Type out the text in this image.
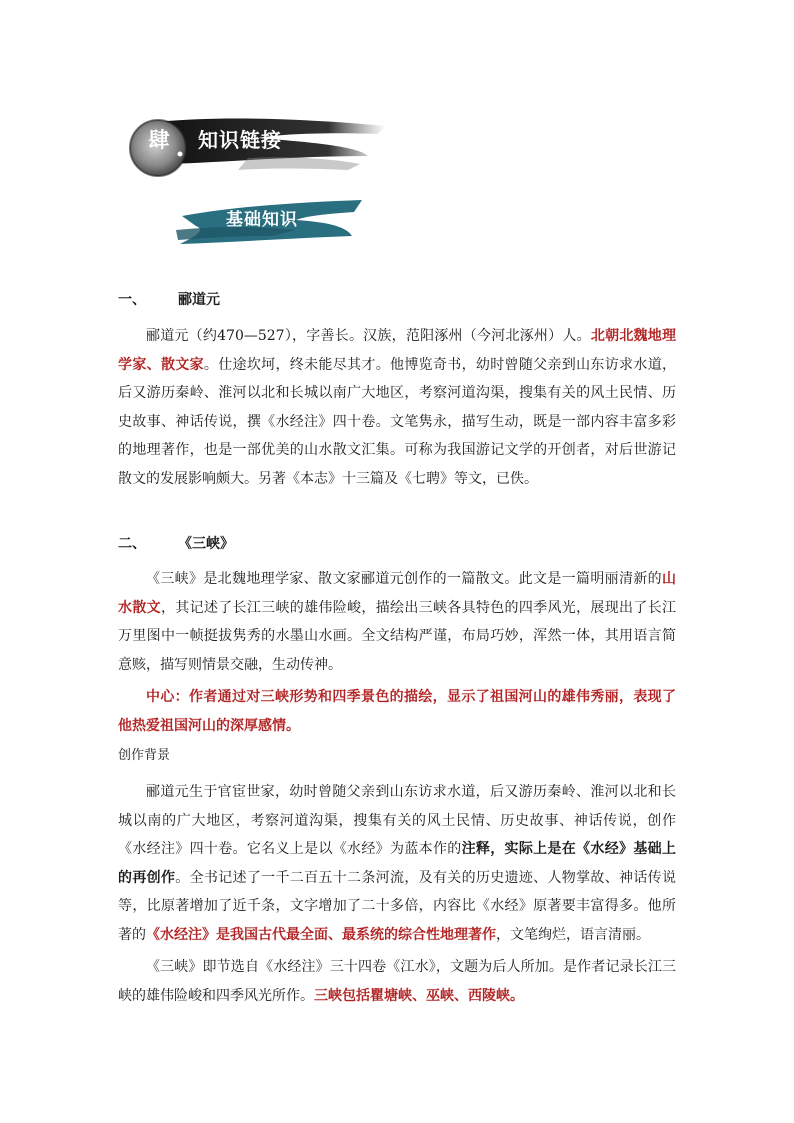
肆 知识链接
基础知识

一、 郦道元

郦道元（约470—527），字善长。汉族，范阳涿州（今河北涿州）人。北朝北魏地理学家、散文家。仕途坎坷，终未能尽其才。他博览奇书，幼时曾随父亲到山东访求水道，后又游历秦岭、淮河以北和长城以南广大地区，考察河道沟渠，搜集有关的风土民情、历史故事、神话传说，撰《水经注》四十卷。文笔隽永，描写生动，既是一部内容丰富多彩的地理著作，也是一部优美的山水散文汇集。可称为我国游记文学的开创者，对后世游记散文的发展影响颇大。另著《本志》十三篇及《七聘》等文，已佚。

二、 《三峡》

《三峡》是北魏地理学家、散文家郦道元创作的一篇散文。此文是一篇明丽清新的山水散文，其记述了长江三峡的雄伟险峻，描绘出三峡各具特色的四季风光，展现出了长江万里图中一帧挺拔隽秀的水墨山水画。全文结构严谨，布局巧妙，浑然一体，其用语言简意赅，描写则情景交融，生动传神。

中心：作者通过对三峡形势和四季景色的描绘，显示了祖国河山的雄伟秀丽，表现了他热爱祖国河山的深厚感情。

创作背景

郦道元生于官宦世家，幼时曾随父亲到山东访求水道，后又游历秦岭、淮河以北和长城以南的广大地区，考察河道沟渠，搜集有关的风土民情、历史故事、神话传说，创作《水经注》四十卷。它名义上是以《水经》为蓝本作的注释，实际上是在《水经》基础上的再创作。全书记述了一千二百五十二条河流，及有关的历史遗迹、人物掌故、神话传说等，比原著增加了近千条，文字增加了二十多倍，内容比《水经》原著要丰富得多。他所著的《水经注》是我国古代最全面、最系统的综合性地理著作，文笔绚烂，语言清丽。

《三峡》即节选自《水经注》三十四卷《江水》，文题为后人所加。是作者记录长江三峡的雄伟险峻和四季风光所作。三峡包括瞿塘峡、巫峡、西陵峡。
